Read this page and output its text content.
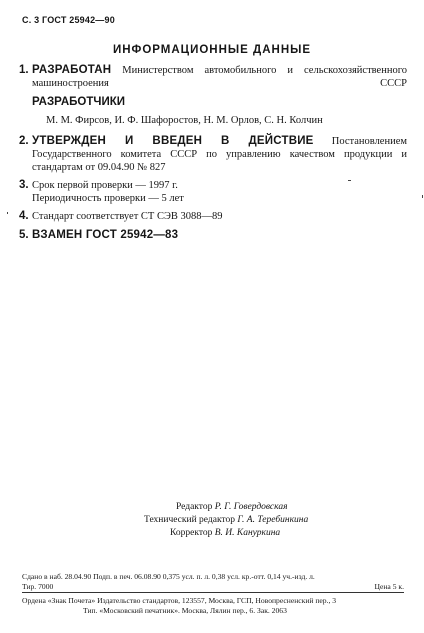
С. 3 ГОСТ 25942—90
ИНФОРМАЦИОННЫЕ ДАННЫЕ
1. РАЗРАБОТАН Министерством автомобильного и сельскохозяйственного машиностроения СССР
РАЗРАБОТЧИКИ
М. М. Фирсов, И. Ф. Шафоростов, Н. М. Орлов, С. Н. Колчин
2. УТВЕРЖДЕН И ВВЕДЕН В ДЕЙСТВИЕ Постановлением Государственного комитета СССР по управлению качеством продукции и стандартам от 09.04.90 № 827
3. Срок первой проверки — 1997 г.
Периодичность проверки — 5 лет
4. Стандарт соответствует СТ СЭВ 3088—89
5. ВЗАМЕН ГОСТ 25942—83
Редактор Р. Г. Говердовская
Технический редактор Г. А. Теребинкина
Корректор В. И. Кануркина
Сдано в наб. 28.04.90 Подп. в печ. 06.08.90 0,375 усл. п. л. 0,38 усл. кр.-отт. 0,14 уч.-изд. л.
Тир. 7000	Цена 5 к.
Ордена «Знак Почета» Издательство стандартов, 123557, Москва, ГСП, Новопресненский пер., 3
Тип. «Московский печатник». Москва, Лялин пер., 6. Зак. 2063
